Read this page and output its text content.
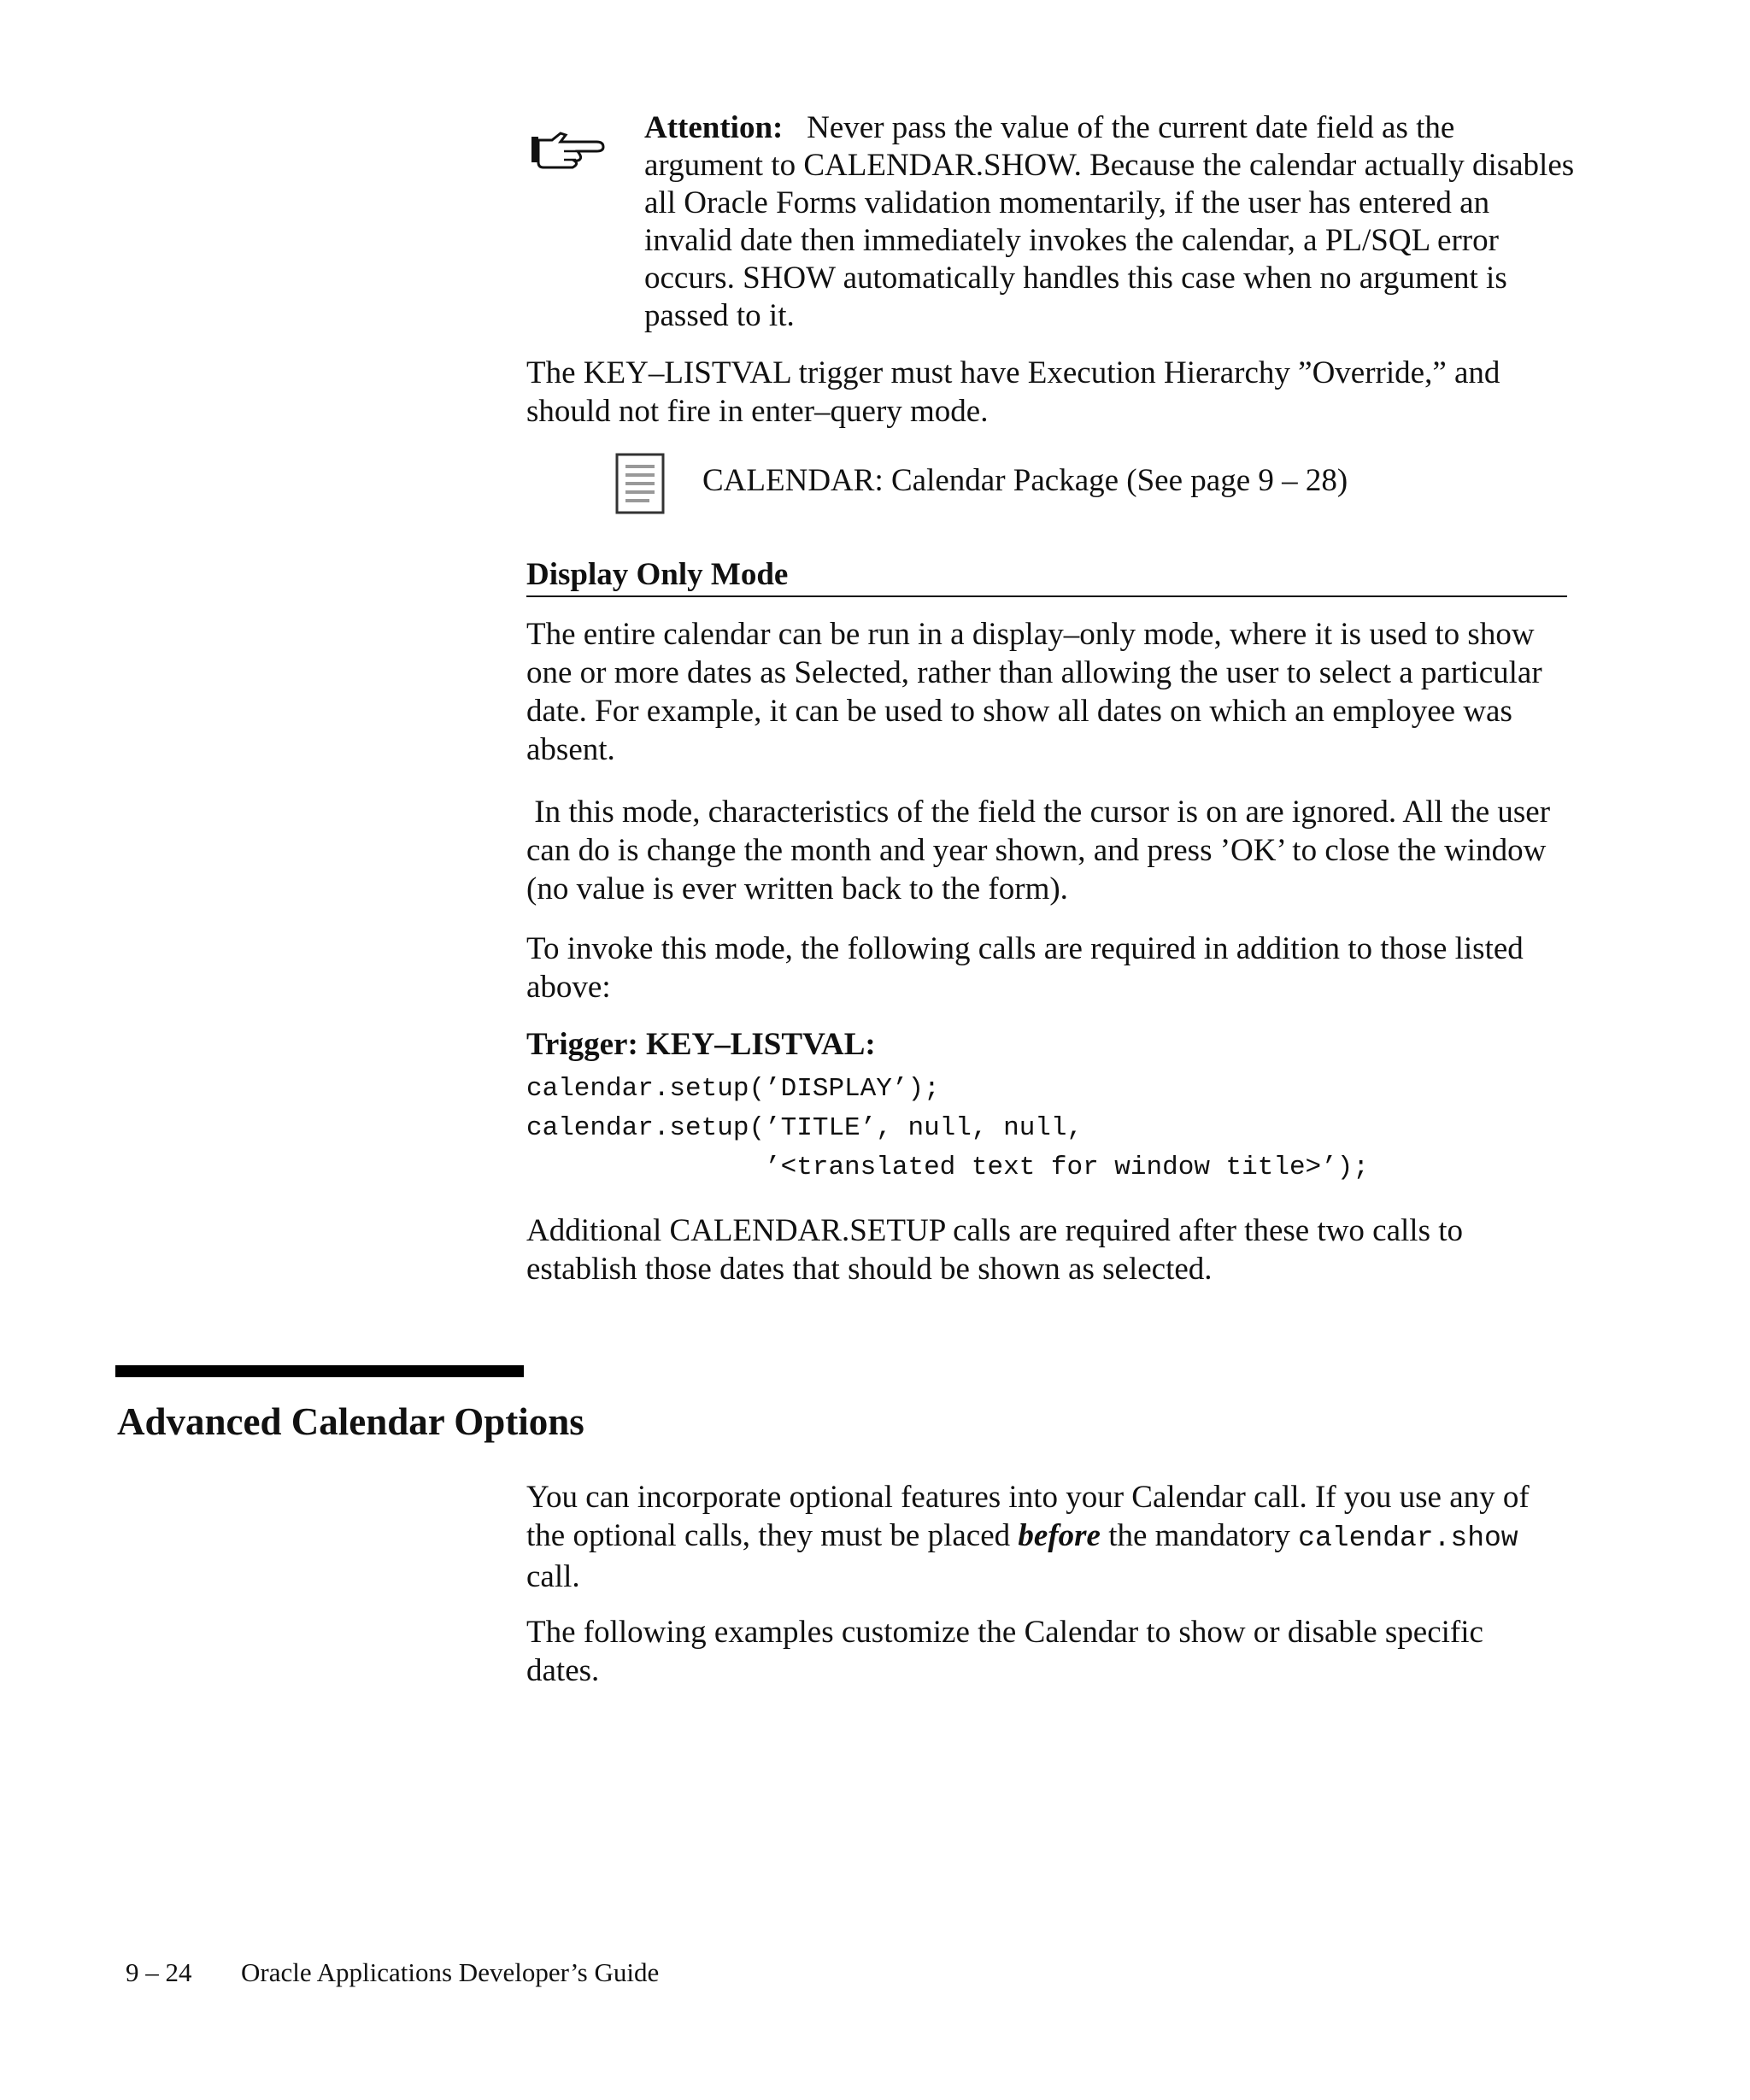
Attention: Never pass the value of the current date field as the argument to CALENDAR.SHOW. Because the calendar actually disables all Oracle Forms validation momentarily, if the user has entered an invalid date then immediately invokes the calendar, a PL/SQL error occurs. SHOW automatically handles this case when no argument is passed to it.

The KEY–LISTVAL trigger must have Execution Hierarchy ”Override,” and should not fire in enter–query mode.

CALENDAR: Calendar Package (See page 9 – 28)
Display Only Mode

The entire calendar can be run in a display–only mode, where it is used to show one or more dates as Selected, rather than allowing the user to select a particular date. For example, it can be used to show all dates on which an employee was absent.

In this mode, characteristics of the field the cursor is on are ignored. All the user can do is change the month and year shown, and press ’OK’ to close the window (no value is ever written back to the form).

To invoke this mode, the following calls are required in addition to those listed above:

Trigger: KEY–LISTVAL:
calendar.setup(’DISPLAY’);
calendar.setup(’TITLE’, null, null,
’<translated text for window title>’);

Additional CALENDAR.SETUP calls are required after these two calls to establish those dates that should be shown as selected.

Advanced Calendar Options

You can incorporate optional features into your Calendar call. If you use any of the optional calls, they must be placed before the mandatory calendar.show call.

The following examples customize the Calendar to show or disable specific dates.

9 – 24 Oracle Applications Developer’s Guide
